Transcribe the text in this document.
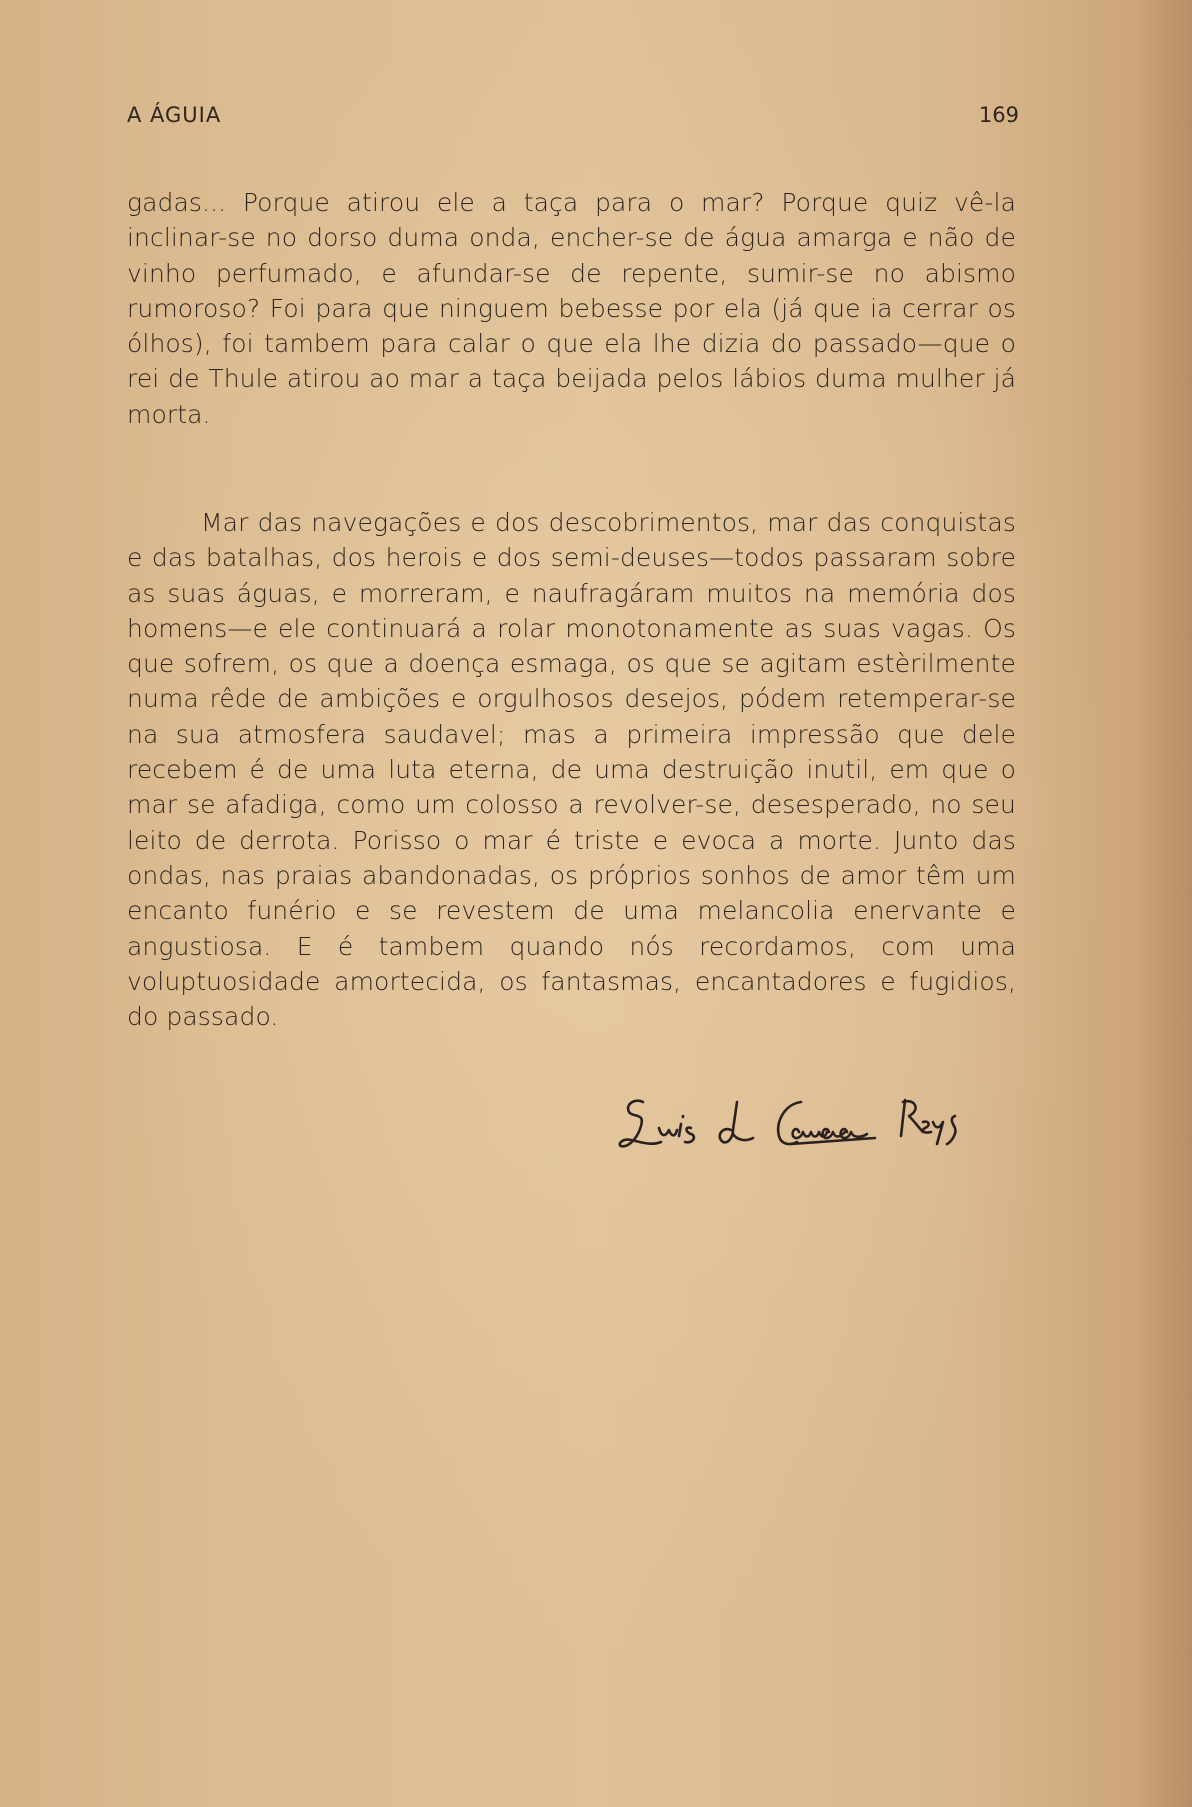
A ÁGUIA	169

gadas... Porque atirou ele a taça para o mar? Porque quiz vê-la inclinar-se no dorso duma onda, encher-se de água amarga e não de vinho perfumado, e afundar-se de repente, sumir-se no abismo rumoroso? Foi para que ninguem bebesse por ela (já que ia cerrar os ólhos), foi tambem para calar o que ela lhe dizia do passado—que o rei de Thule atirou ao mar a taça beijada pelos lábios duma mulher já morta.

Mar das navegações e dos descobrimentos, mar das conquistas e das batalhas, dos herois e dos semi-deuses—todos passaram sobre as suas águas, e morreram, e naufragáram muitos na memória dos homens—e ele continuará a rolar monotonamente as suas vagas. Os que sofrem, os que a doença esmaga, os que se agitam estèrilmente numa rêde de ambições e orgulhosos desejos, pódem retemperar-se na sua atmosfera saudavel; mas a primeira impressão que dele recebem é de uma luta eterna, de uma destruição inutil, em que o mar se afadiga, como um colosso a revolver-se, desesperado, no seu leito de derrota. Porisso o mar é triste e evoca a morte. Junto das ondas, nas praias abandonadas, os próprios sonhos de amor têm um encanto funério e se revestem de uma melancolia enervante e angustiosa. E é tambem quando nós recordamos, com uma voluptuosidade amortecida, os fantasmas, encantadores e fugidios, do passado.
